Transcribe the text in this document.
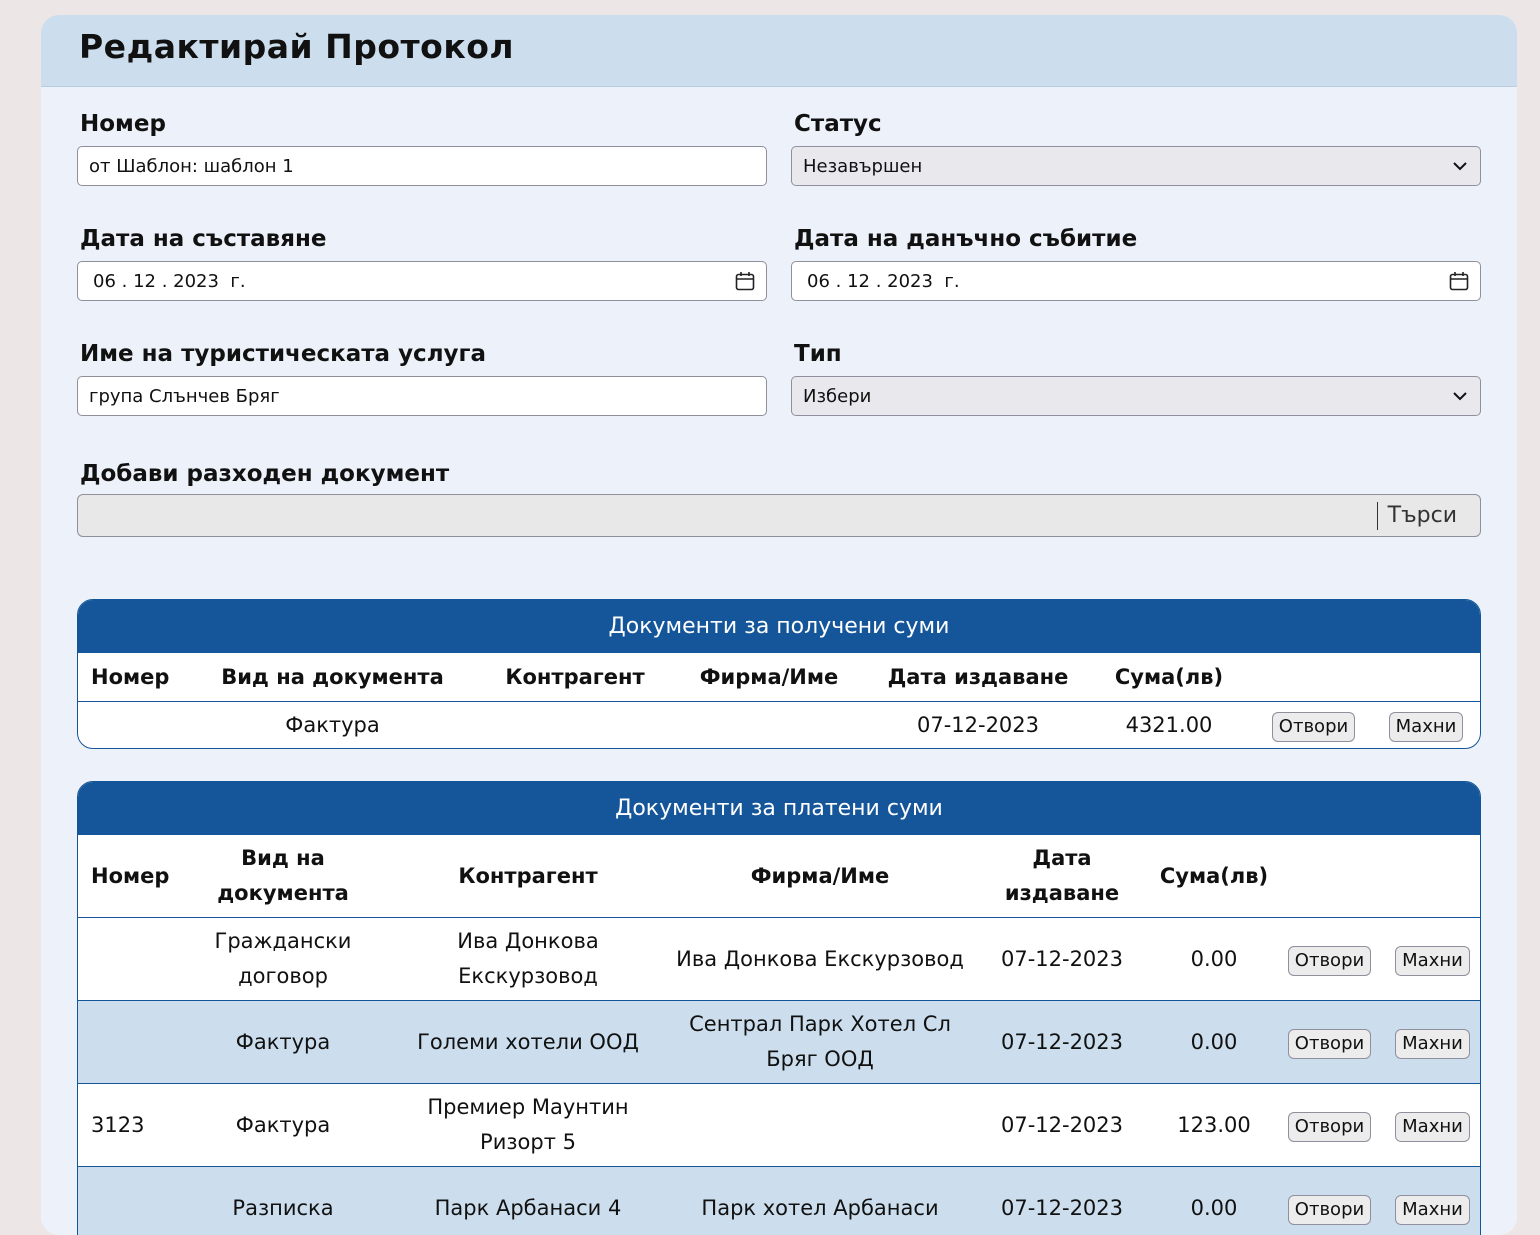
Редактирай Протокол

Номер

от Шаблон: шаблон 1

Статус

Незавършен

Дата на съставяне

06 . 12 . 2023  г.

Дата на данъчно събитие

06 . 12 . 2023  г.

Име на туристическата услуга

група Слънчев Бряг

Тип

Избери

Добави разходен документ

Търси
Документи за получени суми
Номер	Вид на документа	Контрагент	Фирма/Име	Дата издаване	Сума(лв)		
	Фактура			07-12-2023	4321.00	Отвори	Махни
Документи за платени суми
Номер	Вид на документа	Контрагент	Фирма/Име	Дата издаване	Сума(лв)		
	Граждански договор	Ива Донкова Екскурзовод	Ива Донкова Екскурзовод	07-12-2023	0.00	Отвори	Махни
	Фактура	Големи хотели ООД	Сентрал Парк Хотел Сл Бряг ООД	07-12-2023	0.00	Отвори	Махни
3123	Фактура	Премиер Маунтин Ризорт 5		07-12-2023	123.00	Отвори	Махни
	Разписка	Парк Арбанаси 4	Парк хотел Арбанаси	07-12-2023	0.00	Отвори	Махни
